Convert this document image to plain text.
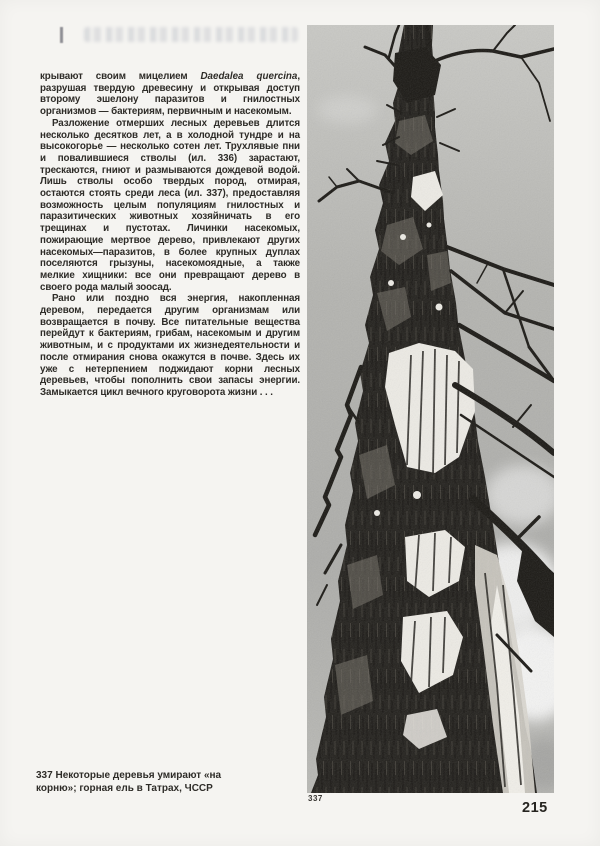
крывают своим мицелием Daedalea quercina, разрушая твердую древесину и открывая доступ второму эшелону паразитов и гнилостных организмов — бактериям, первичным и насекомым.

Разложение отмерших лесных деревьев длится несколько десятков лет, а в холодной тундре и на высокогорье — несколько сотен лет. Трухлявые пни и повалившиеся стволы (ил. 336) зарастают, трескаются, гниют и размываются дождевой водой. Лишь стволы особо твердых пород, отмирая, остаются стоять среди леса (ил. 337), предоставляя возможность целым популяциям гнилостных и паразитических животных хозяйничать в его трещинах и пустотах. Личинки насекомых, пожирающие мертвое дерево, привлекают других насекомых—паразитов, в более крупных дуплах поселяются грызуны, насекомоядные, а также мелкие хищники: все они превращают дерево в своего рода малый зоосад.

Рано или поздно вся энергия, накопленная деревом, передается другим организмам или возвращается в почву. Все питательные вещества перейдут к бактериям, грибам, насекомым и другим животным, и с продуктами их жизнедеятельности и после отмирания снова окажутся в почве. Здесь их уже с нетерпением поджидают корни лесных деревьев, чтобы пополнить свои запасы энергии. Замыкается цикл вечного круговорота жизни . . .

337
337 Некоторые деревья умирают «на корню»; горная ель в Татрах, ЧССР
215
